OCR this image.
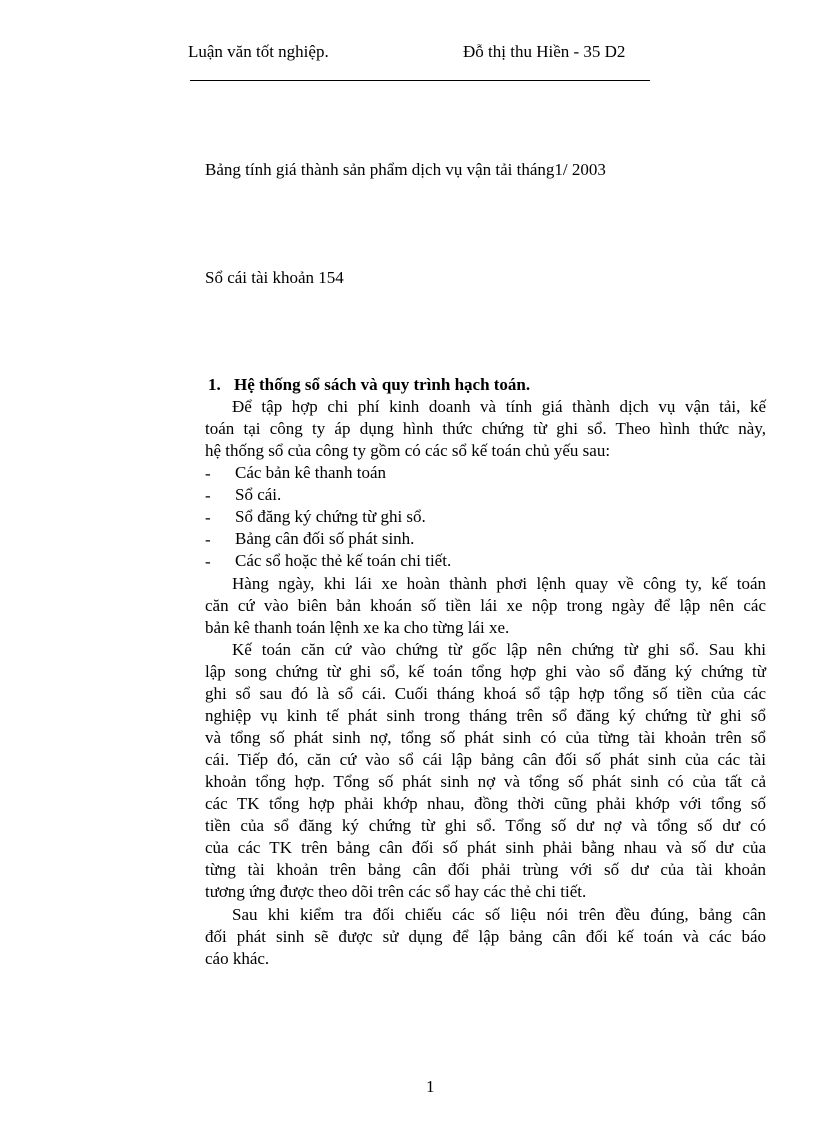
Luận văn tốt nghiệp.	Đỗ thị thu Hiền - 35 D2
Bảng tính giá thành sản phẩm dịch vụ vận tải tháng1/ 2003
Sổ cái tài khoản 154
1. Hệ thống sổ sách và quy trình hạch toán.
Để tập hợp chi phí kinh doanh và tính giá thành dịch vụ vận tải, kế
toán tại công ty áp dụng hình thức chứng từ ghi sổ. Theo hình thức này,
hệ thống sổ của công ty gồm có các sổ kế toán chủ yếu sau:
- Các bản kê thanh toán
- Sổ cái.
- Sổ đăng ký chứng từ ghi sổ.
- Bảng cân đối số phát sinh.
- Các sổ hoặc thẻ kế toán chi tiết.
Hàng ngày, khi lái xe hoàn thành phơi lệnh quay về công ty, kế toán
căn cứ vào biên bản khoán số tiền lái xe nộp trong ngày để lập nên các
bản kê thanh toán lệnh xe ka cho từng lái xe.
Kế toán căn cứ vào chứng từ gốc lập nên chứng từ ghi sổ. Sau khi
lập song chứng từ ghi sổ, kế toán tổng hợp ghi vào sổ đăng ký chứng từ
ghi sổ sau đó là sổ cái. Cuối tháng khoá sổ tập hợp tổng số tiền của các
nghiệp vụ kinh tế phát sinh trong tháng trên sổ đăng ký chứng từ ghi sổ
và tổng số phát sinh nợ, tổng số phát sinh có của từng tài khoản trên sổ
cái. Tiếp đó, căn cứ vào sổ cái lập bảng cân đối số phát sinh của các tài
khoản tổng hợp. Tổng số phát sinh nợ và tổng số phát sinh có của tất cả
các TK tổng hợp phải khớp nhau, đồng thời cũng phải khớp với tổng số
tiền của sổ đăng ký chứng từ ghi sổ. Tổng số dư nợ và tổng số dư có
của các TK trên bảng cân đối số phát sinh phải bằng nhau và số dư của
từng tài khoản trên bảng cân đối phải trùng với số dư của tài khoản
tương ứng được theo dõi trên các sổ hay các thẻ chi tiết.
Sau khi kiểm tra đối chiếu các số liệu nói trên đều đúng, bảng cân
đối phát sinh sẽ được sử dụng để lập bảng cân đối kế toán và các báo
cáo khác.
1
